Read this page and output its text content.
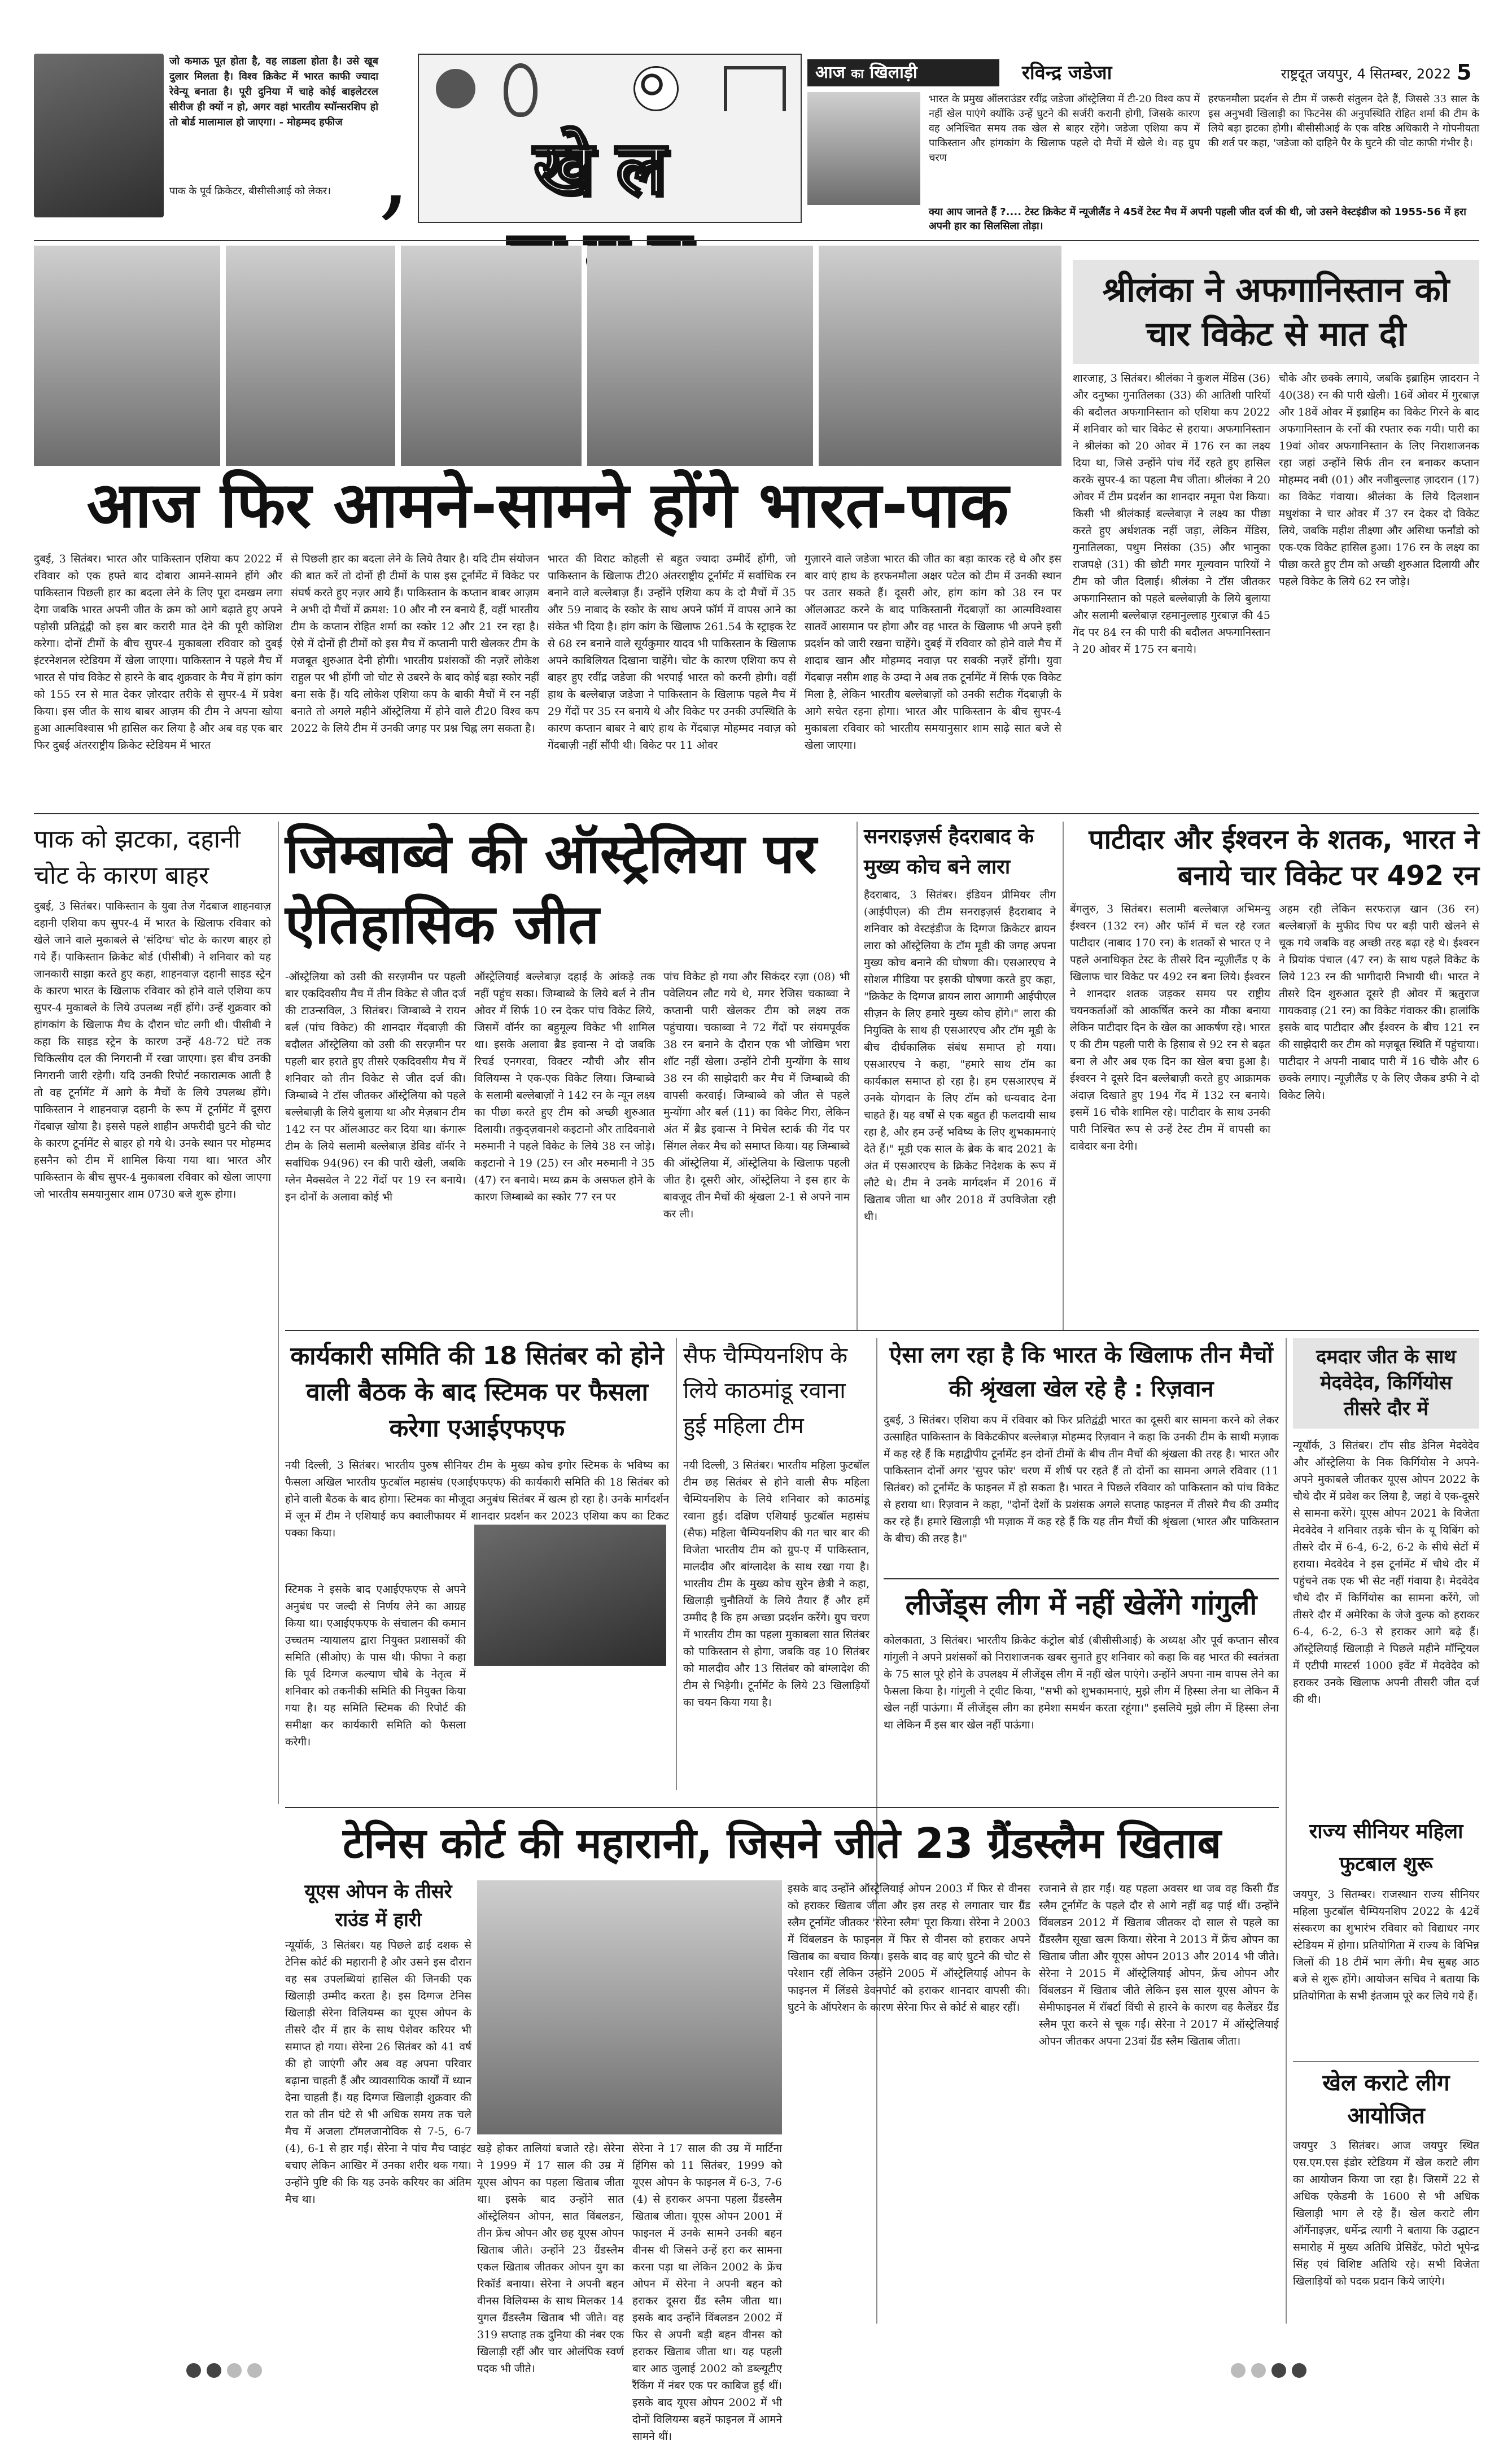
जो कमाऊ पूत होता है, वह लाडला होता है। उसे खूब दुलार मिलता है। विश्व क्रिकेट में भारत काफी ज्यादा रेवेन्यू बनाता है। पूरी दुनिया में चाहे कोई बाइलेटरल सीरीज ही क्यों न हो, अगर वहां भारतीय स्पॉन्सरशिप हो तो बोर्ड मालामाल हो जाएगा। - मोहम्मद हफीज
पाक के पूर्व क्रिकेटर, बीसीसीआई को लेकर। ,	खेल
आज का खिलाड़ी	रविन्द्र जडेजा	राष्ट्रदूत जयपुर, 4 सितम्बर, 2022 5
भारत के प्रमुख ऑलराउंडर रवींद्र जडेजा ऑस्ट्रेलिया में टी-20 विश्व कप में नहीं खेल पाएंगे क्योंकि उन्हें घुटने की सर्जरी करानी होगी, जिसके कारण वह अनिश्चित समय तक खेल से बाहर रहेंगे। जडेजा एशिया कप में पाकिस्तान और हांगकांग के खिलाफ पहले दो मैचों में खेले थे। वह ग्रुप चरण
हरफनमौला प्रदर्शन से टीम में जरूरी संतुलन देते हैं, जिससे 33 साल के इस अनुभवी खिलाड़ी का फिटनेस की अनुपस्थिति रोहित शर्मा की टीम के लिये बड़ा झटका होगी। बीसीसीआई के एक वरिष्ठ अधिकारी ने गोपनीयता की शर्त पर कहा, 'जडेजा को दाहिने पैर के घुटने की चोट काफी गंभीर है।
क्या आप जानते हैं ?.... टेस्ट क्रिकेट में न्यूजीलैंड ने 45वें टेस्ट मैच में अपनी पहली जीत दर्ज की थी, जो उसने वेस्टइंडीज को 1955-56 में हरा अपनी हार का सिलसिला तोड़ा।
आज फिर आमने-सामने होंगे भारत-पाक
दुबई, 3 सितंबर। भारत और पाकिस्तान एशिया कप 2022 में रविवार को एक हफ्ते बाद दोबारा आमने-सामने होंगे और पाकिस्तान पिछली हार का बदला लेने के लिए पूरा दमखम लगा देगा जबकि भारत अपनी जीत के क्रम को आगे बढ़ाते हुए अपने पड़ोसी प्रतिद्वंद्वी को इस बार करारी मात देने की पूरी कोशिश करेगा। दोनों टीमों के बीच सुपर-4 मुकाबला रविवार को दुबई इंटरनेशनल स्टेडियम में खेला जाएगा। पाकिस्तान ने पहले मैच में भारत से पांच विकेट से हारने के बाद शुक्रवार के मैच में हांग कांग को 155 रन से मात देकर ज़ोरदार तरीके से सुपर-4 में प्रवेश किया। इस जीत के साथ बाबर आज़म की टीम ने अपना खोया हुआ आत्मविश्वास भी हासिल कर लिया है और अब वह एक बार फिर दुबई अंतरराष्ट्रीय क्रिकेट स्टेडियम में भारत
से पिछली हार का बदला लेने के लिये तैयार है। यदि टीम संयोजन की बात करें तो दोनों ही टीमों के पास इस टूर्नामेंट में विकेट पर संघर्ष करते हुए नज़र आये हैं। पाकिस्तान के कप्तान बाबर आज़म ने अभी दो मैचों में क्रमश: 10 और नौ रन बनाये हैं, वहीं भारतीय टीम के कप्तान रोहित शर्मा का स्कोर 12 और 21 रन रहा है। ऐसे में दोनों ही टीमों को इस मैच में कप्तानी पारी खेलकर टीम के मजबूत शुरुआत देनी होगी। भारतीय प्रशंसकों की नज़रें लोकेश राहुल पर भी होंगी जो चोट से उबरने के बाद कोई बड़ा स्कोर नहीं बना सके हैं। यदि लोकेश एशिया कप के बाकी मैचों में रन नहीं बनाते तो अगले महीने ऑस्ट्रेलिया में होने वाले टी20 विश्व कप 2022 के लिये टीम में उनकी जगह पर प्रश्न चिह्न लग सकता है।
भारत की विराट कोहली से बहुत ज्यादा उम्मीदें होंगी, जो पाकिस्तान के खिलाफ टी20 अंतरराष्ट्रीय टूर्नामेंट में सर्वाधिक रन बनाने वाले बल्लेबाज़ हैं। उन्होंने एशिया कप के दो मैचों में 35 और 59 नाबाद के स्कोर के साथ अपने फॉर्म में वापस आने का संकेत भी दिया है। हांग कांग के खिलाफ 261.54 के स्ट्राइक रेट से 68 रन बनाने वाले सूर्यकुमार यादव भी पाकिस्तान के खिलाफ अपने काबिलियत दिखाना चाहेंगे। चोट के कारण एशिया कप से बाहर हुए रवींद्र जडेजा की भरपाई भारत को करनी होगी। वहीं हाथ के बल्लेबाज़ जडेजा ने पाकिस्तान के खिलाफ पहले मैच में 29 गेंदों पर 35 रन बनाये थे और विकेट पर उनकी उपस्थिति के कारण कप्तान बाबर ने बाएं हाथ के गेंदबाज़ मोहम्मद नवाज़ को गेंदबाज़ी नहीं सौंपी थी। विकेट पर 11 ओवर
गुज़ारने वाले जडेजा भारत की जीत का बड़ा कारक रहे थे और इस बार वाएं हाथ के हरफनमौला अक्षर पटेल को टीम में उनकी स्थान पर उतार सकते हैं। दूसरी ओर, हांग कांग को 38 रन पर ऑलआउट करने के बाद पाकिस्तानी गेंदबाज़ों का आत्मविश्वास सातवें आसमान पर होगा और वह भारत के खिलाफ भी अपने इसी प्रदर्शन को जारी रखना चाहेंगे। दुबई में रविवार को होने वाले मैच में शादाब खान और मोहम्मद नवाज़ पर सबकी नज़रें होंगी। युवा गेंदबाज़ नसीम शाह के उम्दा ने अब तक टूर्नामेंट में सिर्फ एक विकेट मिला है, लेकिन भारतीय बल्लेबाज़ों को उनकी सटीक गेंदबाज़ी के आगे सचेत रहना होगा। भारत और पाकिस्तान के बीच सुपर-4 मुकाबला रविवार को भारतीय समयानुसार शाम साढ़े सात बजे से खेला जाएगा।
श्रीलंका ने अफगानिस्तान को चार विकेट से मात दी
शारजाह, 3 सितंबर। श्रीलंका ने कुशल मेंडिस (36) और दनुष्का गुनातिलका (33) की आतिशी पारियों की बदौलत अफगानिस्तान को एशिया कप 2022 में शनिवार को चार विकेट से हराया। अफगानिस्तान ने श्रीलंका को 20 ओवर में 176 रन का लक्ष्य दिया था, जिसे उन्होंने पांच गेंदें रहते हुए हासिल करके सुपर-4 का पहला मैच जीता। श्रीलंका ने 20 ओवर में टीम प्रदर्शन का शानदार नमूना पेश किया। किसी भी श्रीलंकाई बल्लेबाज़ ने लक्ष्य का पीछा करते हुए अर्धशतक नहीं जड़ा, लेकिन मेंडिस, गुनातिलका, पथुम निसंका (35) और भानुका राजपक्षे (31) की छोटी मगर मूल्यवान पारियों ने टीम को जीत दिलाई। श्रीलंका ने टॉस जीतकर अफगानिस्तान को पहले बल्लेबाज़ी के लिये बुलाया और सलामी बल्लेबाज़ रहमानुल्लाह गुरबाज़ की 45 गेंद पर 84 रन की पारी की बदौलत अफगानिस्तान ने 20 ओवर में 175 रन बनाये।
चौके और छक्के लगाये, जबकि इब्राहिम ज़ादरान ने 40(38) रन की पारी खेली। 16वें ओवर में गुरबाज़ और 18वें ओवर में इब्राहिम का विकेट गिरने के बाद अफगानिस्तान के रनों की रफ्तार रुक गयी। पारी का 19वां ओवर अफगानिस्तान के लिए निराशाजनक रहा जहां उन्होंने सिर्फ तीन रन बनाकर कप्तान मोहम्मद नबी (01) और नजीबुल्लाह ज़ादरान (17) का विकेट गंवाया। श्रीलंका के लिये दिलशान मधुशंका ने चार ओवर में 37 रन देकर दो विकेट लिये, जबकि महीश तीक्ष्णा और असिथा फर्नांडो को एक-एक विकेट हासिल हुआ। 176 रन के लक्ष्य का पीछा करते हुए टीम को अच्छी शुरुआत दिलायी और पहले विकेट के लिये 62 रन जोड़े।
पाक को झटका, दहानी चोट के कारण बाहर
दुबई, 3 सितंबर। पाकिस्तान के युवा तेज गेंदबाज शाहनवाज़ दहानी एशिया कप सुपर-4 में भारत के खिलाफ रविवार को खेले जाने वाले मुकाबले से 'संदिग्ध' चोट के कारण बाहर हो गये हैं। पाकिस्तान क्रिकेट बोर्ड (पीसीबी) ने शनिवार को यह जानकारी साझा करते हुए कहा, शाहनवाज़ दहानी साइड स्ट्रेन के कारण भारत के खिलाफ रविवार को होने वाले एशिया कप सुपर-4 मुकाबले के लिये उपलब्ध नहीं होंगे। उन्हें शुक्रवार को हांगकांग के खिलाफ मैच के दौरान चोट लगी थी। पीसीबी ने कहा कि साइड स्ट्रेन के कारण उन्हें 48-72 घंटे तक चिकित्सीय दल की निगरानी में रखा जाएगा। इस बीच उनकी निगरानी जारी रहेगी। यदि उनकी रिपोर्ट नकारात्मक आती है तो वह टूर्नामेंट में आगे के मैचों के लिये उपलब्ध होंगे। पाकिस्तान ने शाहनवाज़ दहानी के रूप में टूर्नामेंट में दूसरा गेंदबाज़ खोया है। इससे पहले शाहीन अफरीदी घुटने की चोट के कारण टूर्नामेंट से बाहर हो गये थे। उनके स्थान पर मोहम्मद हसनैन को टीम में शामिल किया गया था। भारत और पाकिस्तान के बीच सुपर-4 मुकाबला रविवार को खेला जाएगा जो भारतीय समयानुसार शाम 0730 बजे शुरू होगा।
जिम्बाब्वे की ऑस्ट्रेलिया पर ऐतिहासिक जीत
-ऑस्ट्रेलिया को उसी की सरज़मीन पर पहली बार एकदिवसीय मैच में तीन विकेट से जीत दर्ज की टाउन्सविल, 3 सितंबर। जिम्बाब्वे ने रायन बर्ल (पांच विकेट) की शानदार गेंदबाज़ी की बदौलत ऑस्ट्रेलिया को उसी की सरज़मीन पर पहली बार हराते हुए तीसरे एकदिवसीय मैच में शनिवार को तीन विकेट से जीत दर्ज की। जिम्बाब्वे ने टॉस जीतकर ऑस्ट्रेलिया को पहले बल्लेबाज़ी के लिये बुलाया था और मेज़बान टीम 142 रन पर ऑलआउट कर दिया था। कंगारू टीम के लिये सलामी बल्लेबाज़ डेविड वॉर्नर ने सर्वाधिक 94(96) रन की पारी खेली, जबकि ग्लेन मैक्सवेल ने 22 गेंदों पर 19 रन बनाये। इन दोनों के अलावा कोई भी
ऑस्ट्रेलियाई बल्लेबाज़ दहाई के आंकड़े तक नहीं पहुंच सका। जिम्बाब्वे के लिये बर्ल ने तीन ओवर में सिर्फ 10 रन देकर पांच विकेट लिये, जिसमें वॉर्नर का बहुमूल्य विकेट भी शामिल था। इसके अलावा ब्रैड इवान्स ने दो जबकि रिचर्ड एनगरवा, विक्टर न्यौची और सीन विलियम्स ने एक-एक विकेट लिया। जिम्बाब्वे के सलामी बल्लेबाज़ों ने 142 रन के न्यून लक्ष्य का पीछा करते हुए टीम को अच्छी शुरुआत दिलायी। तकुद्ज़वानशे कइटानो और तादिवनाशे मरुमानी ने पहले विकेट के लिये 38 रन जोड़े। कइटानो ने 19 (25) रन और मरुमानी ने 35 (47) रन बनाये। मध्य क्रम के असफल होने के कारण जिम्बाब्वे का स्कोर 77 रन पर
पांच विकेट हो गया और सिकंदर रज़ा (08) भी पवेलियन लौट गये थे, मगर रेजिस चकाब्वा ने कप्तानी पारी खेलकर टीम को लक्ष्य तक पहुंचाया। चकाब्वा ने 72 गेंदों पर संयमपूर्वक 38 रन बनाने के दौरान एक भी जोखिम भरा शॉट नहीं खेला। उन्होंने टोनी मुन्योंगा के साथ 38 रन की साझेदारी कर मैच में जिम्बाब्वे की वापसी करवाई। जिम्बाब्वे को जीत से पहले मुन्योंगा और बर्ल (11) का विकेट गिरा, लेकिन अंत में ब्रैड इवान्स ने मिचेल स्टार्क की गेंद पर सिंगल लेकर मैच को समाप्त किया। यह जिम्बाब्वे की ऑस्ट्रेलिया में, ऑस्ट्रेलिया के खिलाफ पहली जीत है। दूसरी ओर, ऑस्ट्रेलिया ने इस हार के बावजूद तीन मैचों की श्रृंखला 2-1 से अपने नाम कर ली।
सनराइज़र्स हैदराबाद के मुख्य कोच बने लारा
हैदराबाद, 3 सितंबर। इंडियन प्रीमियर लीग (आईपीएल) की टीम सनराइज़र्स हैदराबाद ने शनिवार को वेस्टइंडीज के दिग्गज क्रिकेटर ब्रायन लारा को ऑस्ट्रेलिया के टॉम मूडी की जगह अपना मुख्य कोच बनाने की घोषणा की। एसआरएच ने सोशल मीडिया पर इसकी घोषणा करते हुए कहा, "क्रिकेट के दिग्गज ब्रायन लारा आगामी आईपीएल सीज़न के लिए हमारे मुख्य कोच होंगे।" लारा की नियुक्ति के साथ ही एसआरएच और टॉम मूडी के बीच दीर्घकालिक संबंध समाप्त हो गया। एसआरएच ने कहा, "हमारे साथ टॉम का कार्यकाल समाप्त हो रहा है। हम एसआरएच में उनके योगदान के लिए टॉम को धन्यवाद देना चाहते हैं। यह वर्षों से एक बहुत ही फलदायी साथ रहा है, और हम उन्हें भविष्य के लिए शुभकामनाएं देते हैं।" मूडी एक साल के ब्रेक के बाद 2021 के अंत में एसआरएच के क्रिकेट निदेशक के रूप में लौटे थे। टीम ने उनके मार्गदर्शन में 2016 में खिताब जीता था और 2018 में उपविजेता रही थी।
पाटीदार और ईश्वरन के शतक, भारत ने बनाये चार विकेट पर 492 रन
बेंगलुरु, 3 सितंबर। सलामी बल्लेबाज़ अभिमन्यु ईश्वरन (132 रन) और फॉर्म में चल रहे रजत पाटीदार (नाबाद 170 रन) के शतकों से भारत ए ने पहले अनाधिकृत टेस्ट के तीसरे दिन न्यूज़ीलैंड ए के खिलाफ चार विकेट पर 492 रन बना लिये। ईश्वरन ने शानदार शतक जड़कर समय पर राष्ट्रीय चयनकर्ताओं को आकर्षित करने का मौका बनाया लेकिन पाटीदार दिन के खेल का आकर्षण रहे। भारत ए की टीम पहली पारी के हिसाब से 92 रन से बढ़त बना ले और अब एक दिन का खेल बचा हुआ है। ईश्वरन ने दूसरे दिन बल्लेबाज़ी करते हुए आक्रामक अंदाज़ दिखाते हुए 194 गेंद में 132 रन बनाये। इसमें 16 चौके शामिल रहे। पाटीदार के साथ उनकी पारी निश्चित रूप से उन्हें टेस्ट टीम में वापसी का दावेदार बना देगी।
अहम रही लेकिन सरफराज़ खान (36 रन) बल्लेबाज़ों के मुफीद पिच पर बड़ी पारी खेलने से चूक गये जबकि वह अच्छी तरह बढ़ा रहे थे। ईश्वरन ने प्रियांक पंचाल (47 रन) के साथ पहले विकेट के लिये 123 रन की भागीदारी निभायी थी। भारत ने तीसरे दिन शुरुआत दूसरे ही ओवर में ऋतुराज गायकवाड़ (21 रन) का विकेट गंवाकर की। हालांकि इसके बाद पाटीदार और ईश्वरन के बीच 121 रन की साझेदारी कर टीम को मज़बूत स्थिति में पहुंचाया। पाटीदार ने अपनी नाबाद पारी में 16 चौके और 6 छक्के लगाए। न्यूज़ीलैंड ए के लिए जैकब डफी ने दो विकेट लिये।
कार्यकारी समिति की 18 सितंबर को होने वाली बैठक के बाद स्टिमक पर फैसला करेगा एआईएफएफ
नयी दिल्ली, 3 सितंबर। भारतीय पुरुष सीनियर टीम के मुख्य कोच इगोर स्टिमक के भविष्य का फैसला अखिल भारतीय फुटबॉल महासंघ (एआईएफएफ) की कार्यकारी समिति की 18 सितंबर को होने वाली बैठक के बाद होगा। स्टिमक का मौजूदा अनुबंध सितंबर में खत्म हो रहा है। उनके मार्गदर्शन में जून में टीम ने एशियाई कप क्वालीफायर में शानदार प्रदर्शन कर 2023 एशिया कप का टिकट पक्का किया।
स्टिमक ने इसके बाद एआईएफएफ से अपने अनुबंध पर जल्दी से निर्णय लेने का आग्रह किया था। एआईएफएफ के संचालन की कमान उच्चतम न्यायालय द्वारा नियुक्त प्रशासकों की समिति (सीओए) के पास थी। फीफा ने कहा कि पूर्व दिग्गज कल्याण चौबे के नेतृत्व में शनिवार को तकनीकी समिति की नियुक्त किया गया है। यह समिति स्टिमक की रिपोर्ट की समीक्षा कर कार्यकारी समिति को फैसला करेगी।
सैफ चैम्पियनशिप के लिये काठमांडू रवाना हुई महिला टीम
नयी दिल्ली, 3 सितंबर। भारतीय महिला फुटबॉल टीम छह सितंबर से होने वाली सैफ महिला चैम्पियनशिप के लिये शनिवार को काठमांडू रवाना हुई। दक्षिण एशियाई फुटबॉल महासंघ (सैफ) महिला चैम्पियनशिप की गत चार बार की विजेता भारतीय टीम को ग्रुप-ए में पाकिस्तान, मालदीव और बांग्लादेश के साथ रखा गया है। भारतीय टीम के मुख्य कोच सुरेन छेत्री ने कहा, खिलाड़ी चुनौतियों के लिये तैयार हैं और हमें उम्मीद है कि हम अच्छा प्रदर्शन करेंगे। ग्रुप चरण में भारतीय टीम का पहला मुकाबला सात सितंबर को पाकिस्तान से होगा, जबकि वह 10 सितंबर को मालदीव और 13 सितंबर को बांग्लादेश की टीम से भिड़ेगी। टूर्नामेंट के लिये 23 खिलाड़ियों का चयन किया गया है।
ऐसा लग रहा है कि भारत के खिलाफ तीन मैचों की श्रृंखला खेल रहे है : रिज़वान
दुबई, 3 सितंबर। एशिया कप में रविवार को फिर प्रतिद्वंद्वी भारत का दूसरी बार सामना करने को लेकर उत्साहित पाकिस्तान के विकेटकीपर बल्लेबाज़ मोहम्मद रिज़वान ने कहा कि उनकी टीम के साथी मज़ाक में कह रहे हैं कि महाद्वीपीय टूर्नामेंट इन दोनों टीमों के बीच तीन मैचों की श्रृंखला की तरह है। भारत और पाकिस्तान दोनों अगर 'सुपर फोर' चरण में शीर्ष पर रहते हैं तो दोनों का सामना अगले रविवार (11 सितंबर) को टूर्नामेंट के फाइनल में हो सकता है। भारत ने पिछले रविवार को पाकिस्तान को पांच विकेट से हराया था। रिज़वान ने कहा, "दोनों देशों के प्रशंसक अगले सप्ताह फाइनल में तीसरे मैच की उम्मीद कर रहे हैं। हमारे खिलाड़ी भी मज़ाक में कह रहे हैं कि यह तीन मैचों की श्रृंखला (भारत और पाकिस्तान के बीच) की तरह है।"
दमदार जीत के साथ मेदवेदेव, किर्गियोस तीसरे दौर में
न्यूयॉर्क, 3 सितंबर। टॉप सीड डेनिल मेदवेदेव और ऑस्ट्रेलिया के निक किर्गियोस ने अपने-अपने मुकाबले जीतकर यूएस ओपन 2022 के चौथे दौर में प्रवेश कर लिया है, जहां वे एक-दूसरे से सामना करेंगे। यूएस ओपन 2021 के विजेता मेदवेदेव ने शनिवार तड़के चीन के यू यिबिंग को तीसरे दौर में 6-4, 6-2, 6-2 के सीधे सेटों में हराया। मेदवेदेव ने इस टूर्नामेंट में चौथे दौर में पहुंचने तक एक भी सेट नहीं गंवाया है। मेदवेदेव चौथे दौर में किर्गियोस का सामना करेंगे, जो तीसरे दौर में अमेरिका के जेजे वुल्फ को हराकर 6-4, 6-2, 6-3 से हराकर आगे बढ़े हैं। ऑस्ट्रेलियाई खिलाड़ी ने पिछले महीने मॉन्ट्रियल में एटीपी मास्टर्स 1000 इवेंट में मेदवेदेव को हराकर उनके खिलाफ अपनी तीसरी जीत दर्ज की थी।
लीजेंड्स लीग में नहीं खेलेंगे गांगुली
कोलकाता, 3 सितंबर। भारतीय क्रिकेट कंट्रोल बोर्ड (बीसीसीआई) के अध्यक्ष और पूर्व कप्तान सौरव गांगुली ने अपने प्रशंसकों को निराशाजनक खबर सुनाते हुए शनिवार को कहा कि वह भारत की स्वतंत्रता के 75 साल पूरे होने के उपलक्ष्य में लीजेंड्स लीग में नहीं खेल पाएंगे। उन्होंने अपना नाम वापस लेने का फैसला किया है। गांगुली ने ट्वीट किया, "सभी को शुभकामनाएं, मुझे लीग में हिस्सा लेना था लेकिन मैं खेल नहीं पाऊंगा। मैं लीजेंड्स लीग का हमेशा समर्थन करता रहूंगा।" इसलिये मुझे लीग में हिस्सा लेना था लेकिन मैं इस बार खेल नहीं पाऊंगा।
टेनिस कोर्ट की महारानी, जिसने जीते 23 ग्रैंडस्लैम खिताब
यूएस ओपन के तीसरे राउंड में हारी
न्यूयॉर्क, 3 सितंबर। यह पिछले ढाई दशक से टेनिस कोर्ट की महारानी है और उसने इस दौरान वह सब उपलब्धियां हासिल की जिनकी एक खिलाड़ी उम्मीद करता है। इस दिग्गज टेनिस खिलाड़ी सेरेना विलियम्स का यूएस ओपन के तीसरे दौर में हार के साथ पेशेवर करियर भी समाप्त हो गया। सेरेना 26 सितंबर को 41 वर्ष की हो जाएंगी और अब वह अपना परिवार बढ़ाना चाहती हैं और व्यावसायिक कार्यों में ध्यान देना चाहती हैं। यह दिग्गज खिलाड़ी शुक्रवार की रात को तीन घंटे से भी अधिक समय तक चले मैच में अजला टॉमलजानोविक से 7-5, 6-7 (4), 6-1 से हार गईं। सेरेना ने पांच मैच प्वाइंट बचाए लेकिन आखिर में उनका शरीर थक गया। उन्होंने पुष्टि की कि यह उनके करियर का अंतिम मैच था।
खड़े होकर तालियां बजाते रहे। सेरेना ने 1999 में 17 साल की उम्र में यूएस ओपन का पहला खिताब जीता था। इसके बाद उन्होंने सात ऑस्ट्रेलियन ओपन, सात विंबलडन, तीन फ्रेंच ओपन और छह यूएस ओपन खिताब जीते। उन्होंने 23 ग्रैंडस्लैम एकल खिताब जीतकर ओपन युग का रिकॉर्ड बनाया। सेरेना ने अपनी बहन वीनस विलियम्स के साथ मिलकर 14 युगल ग्रैंडस्लैम खिताब भी जीते। वह 319 सप्ताह तक दुनिया की नंबर एक खिलाड़ी रहीं और चार ओलंपिक स्वर्ण पदक भी जीते।
सेरेना ने 17 साल की उम्र में मार्टिना हिंगिस को 11 सितंबर, 1999 को यूएस ओपन के फाइनल में 6-3, 7-6 (4) से हराकर अपना पहला ग्रैंडस्लैम खिताब जीता। यूएस ओपन 2001 में फाइनल में उनके सामने उनकी बहन वीनस थी जिसने उन्हें हरा कर सामना करना पड़ा था लेकिन 2002 के फ्रेंच ओपन में सेरेना ने अपनी बहन को हराकर दूसरा ग्रैंड स्लैम जीता था। इसके बाद उन्होंने विंबलडन 2002 में फिर से अपनी बड़ी बहन वीनस को हराकर खिताब जीता था। यह पहली बार आठ जुलाई 2002 को डब्ल्यूटीए रैंकिंग में नंबर एक पर काबिज हुईं थीं। इसके बाद यूएस ओपन 2002 में भी दोनों विलियम्स बहनें फाइनल में आमने सामने थीं।
इसके बाद उन्होंने ऑस्ट्रेलियाई ओपन 2003 में फिर से वीनस को हराकर खिताब जीता और इस तरह से लगातार चार ग्रैंड स्लैम टूर्नामेंट जीतकर 'सेरेना स्लैम' पूरा किया। सेरेना ने 2003 में विंबलडन के फाइनल में फिर से वीनस को हराकर अपने खिताब का बचाव किया। इसके बाद वह बाएं घुटने की चोट से परेशान रहीं लेकिन उन्होंने 2005 में ऑस्ट्रेलियाई ओपन के फाइनल में लिंडसे डेवनपोर्ट को हराकर शानदार वापसी की। घुटने के ऑपरेशन के कारण सेरेना फिर से कोर्ट से बाहर रहीं।
रजनाने से हार गईं। यह पहला अवसर था जब वह किसी ग्रैंड स्लैम टूर्नामेंट के पहले दौर से आगे नहीं बढ़ पाई थीं। उन्होंने विंबलडन 2012 में खिताब जीतकर दो साल से पहले का ग्रैंडस्लैम सूखा खत्म किया। सेरेना ने 2013 में फ्रेंच ओपन का खिताब जीता और यूएस ओपन 2013 और 2014 भी जीते। सेरेना ने 2015 में ऑस्ट्रेलियाई ओपन, फ्रेंच ओपन और विंबलडन में खिताब जीते लेकिन इस साल यूएस ओपन के सेमीफाइनल में रॉबर्टा विंची से हारने के कारण वह कैलेंडर ग्रैंड स्लैम पूरा करने से चूक गईं। सेरेना ने 2017 में ऑस्ट्रेलियाई ओपन जीतकर अपना 23वां ग्रैंड स्लैम खिताब जीता।
राज्य सीनियर महिला फुटबाल शुरू
जयपुर, 3 सितम्बर। राजस्थान राज्य सीनियर महिला फुटबॉल चैम्पियनशिप 2022 के 42वें संस्करण का शुभारंभ रविवार को विद्याधर नगर स्टेडियम में होगा। प्रतियोगिता में राज्य के विभिन्न जिलों की 18 टीमें भाग लेंगी। मैच सुबह आठ बजे से शुरू होंगे। आयोजन सचिव ने बताया कि प्रतियोगिता के सभी इंतजाम पूरे कर लिये गये हैं।
खेल कराटे लीग आयोजित
जयपुर 3 सितंबर। आज जयपुर स्थित एस.एम.एस इंडोर स्टेडियम में खेल कराटे लीग का आयोजन किया जा रहा है। जिसमें 22 से अधिक एकेडमी के 1600 से भी अधिक खिलाड़ी भाग ले रहे हैं। खेल कराटे लीग ऑर्गेनाइज़र, धर्मेन्द्र त्यागी ने बताया कि उद्घाटन समारोह में मुख्य अतिथि प्रेसिडेंट, फोटो भूपेन्द्र सिंह एवं विशिष्ट अतिथि रहे। सभी विजेता खिलाड़ियों को पदक प्रदान किये जाएंगे।
